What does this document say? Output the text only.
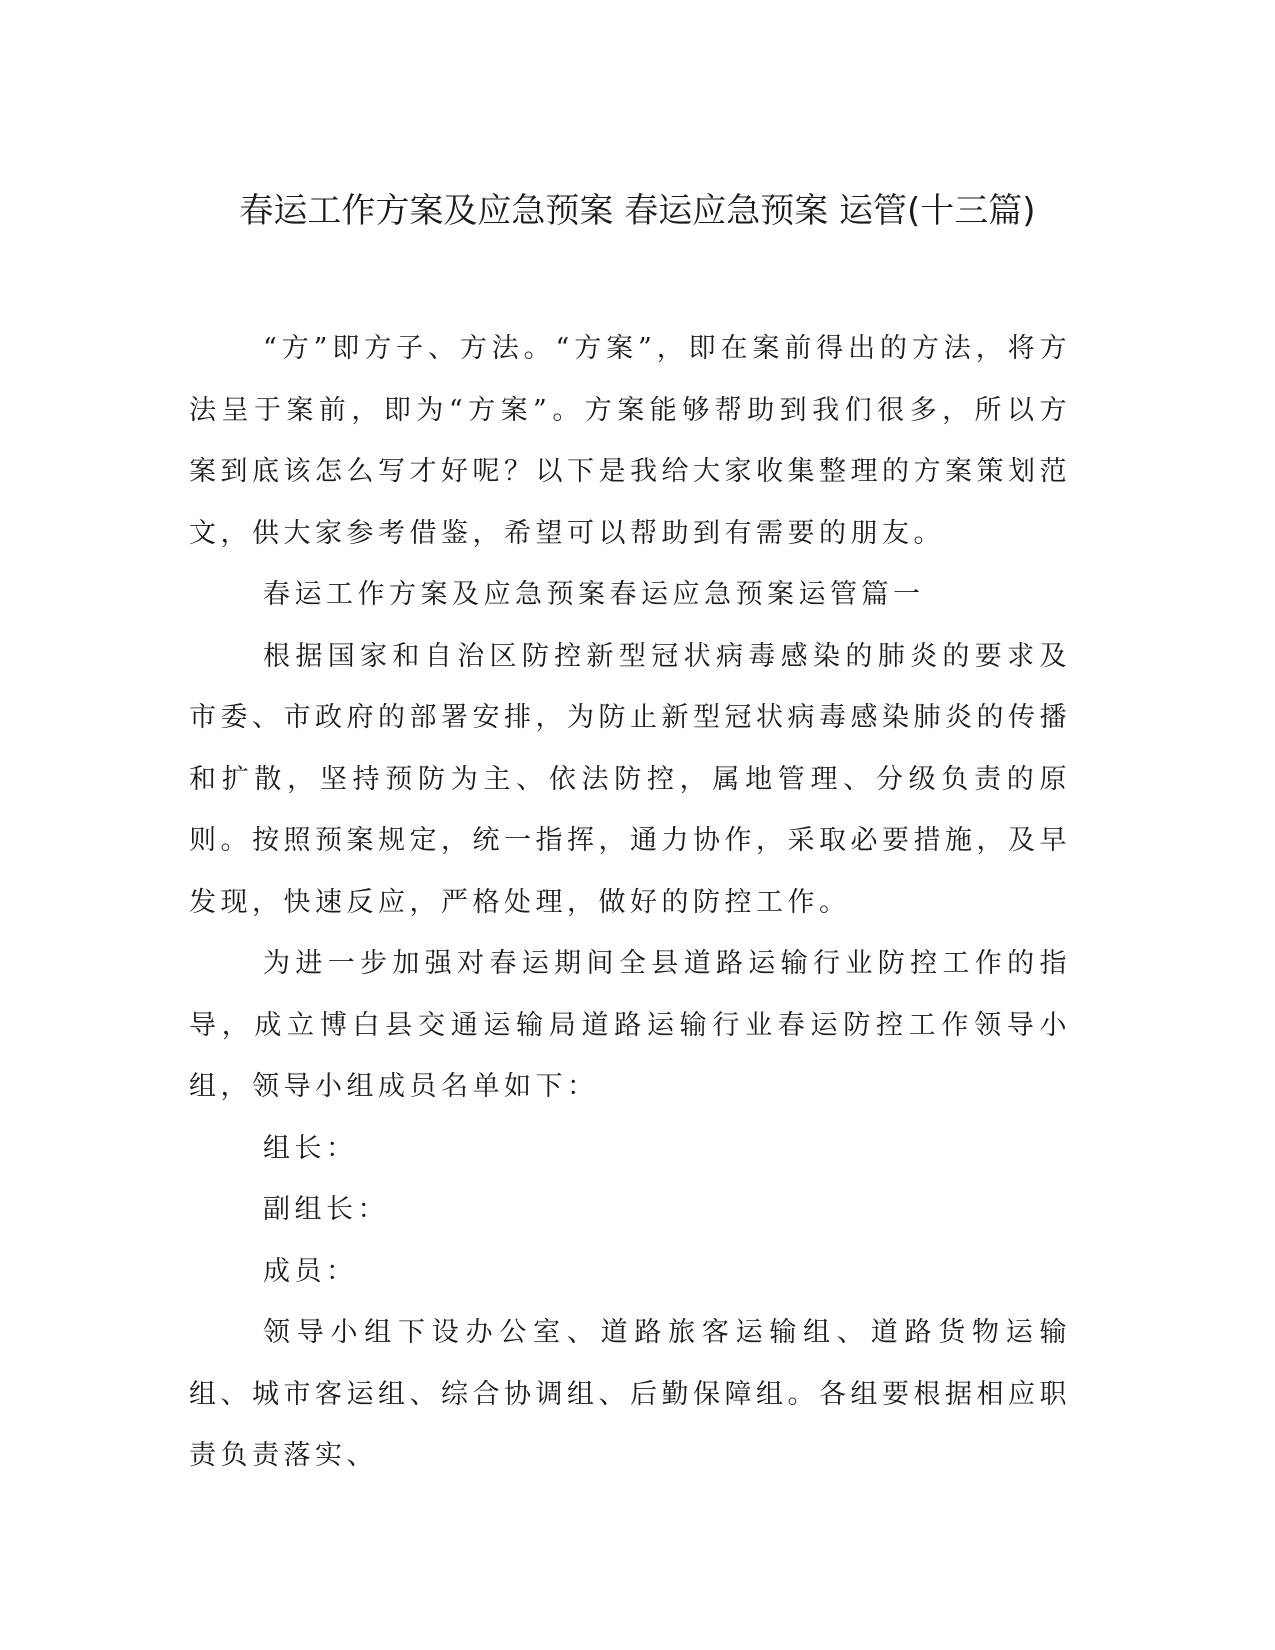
春运工作方案及应急预案 春运应急预案 运管(十三篇)

“方”即方子、方法。“方案”，即在案前得出的方法，将方法呈于案前，即为“方案”。方案能够帮助到我们很多，所以方案到底该怎么写才好呢？以下是我给大家收集整理的方案策划范文，供大家参考借鉴，希望可以帮助到有需要的朋友。

春运工作方案及应急预案春运应急预案运管篇一

根据国家和自治区防控新型冠状病毒感染的肺炎的要求及市委、市政府的部署安排，为防止新型冠状病毒感染肺炎的传播和扩散，坚持预防为主、依法防控，属地管理、分级负责的原则。按照预案规定，统一指挥，通力协作，采取必要措施，及早发现，快速反应，严格处理，做好的防控工作。

为进一步加强对春运期间全县道路运输行业防控工作的指导，成立博白县交通运输局道路运输行业春运防控工作领导小组，领导小组成员名单如下：

组长：

副组长：

成员：

领导小组下设办公室、道路旅客运输组、道路货物运输组、城市客运组、综合协调组、后勤保障组。各组要根据相应职责负责落实、
